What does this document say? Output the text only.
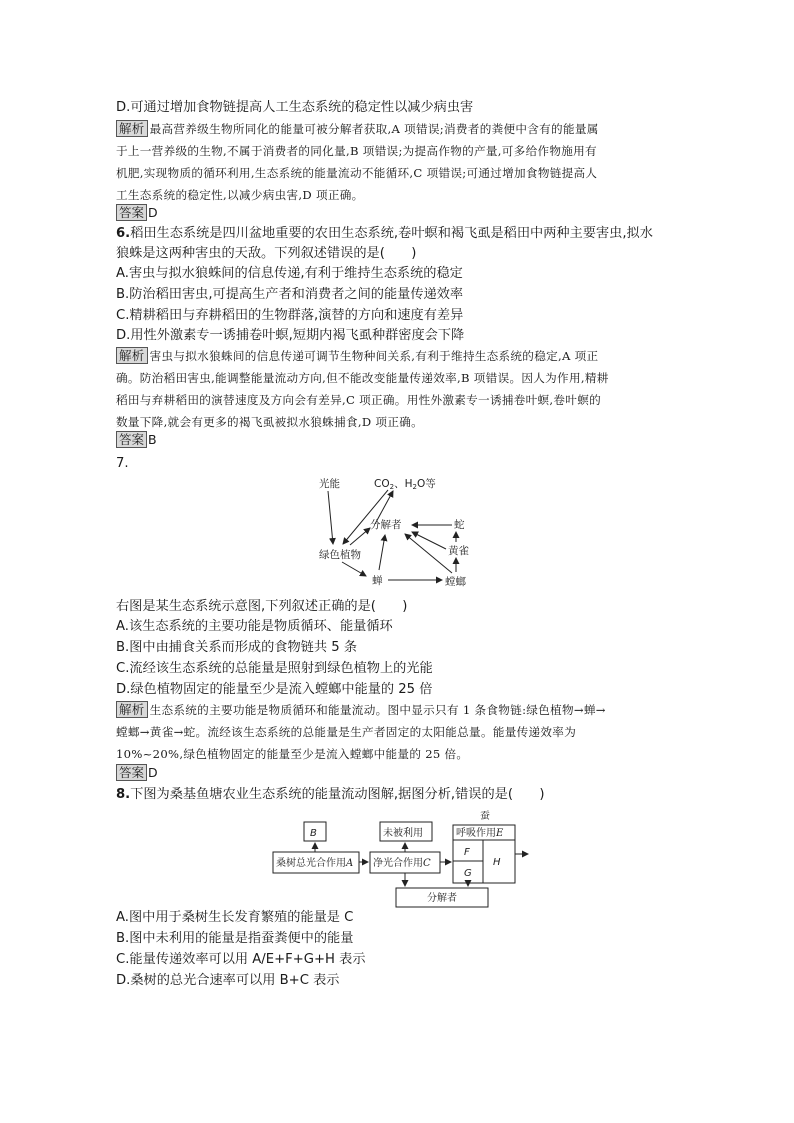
D.可通过增加食物链提高人工生态系统的稳定性以减少病虫害
解析 最高营养级生物所同化的能量可被分解者获取,A 项错误;消费者的粪便中含有的能量属
于上一营养级的生物,不属于消费者的同化量,B 项错误;为提高作物的产量,可多给作物施用有
机肥,实现物质的循环利用,生态系统的能量流动不能循环,C 项错误;可通过增加食物链提高人
工生态系统的稳定性,以减少病虫害,D 项正确。
答案 D
6.稻田生态系统是四川盆地重要的农田生态系统,卷叶螟和褐飞虱是稻田中两种主要害虫,拟水
狼蛛是这两种害虫的天敌。下列叙述错误的是(　　)
A.害虫与拟水狼蛛间的信息传递,有利于维持生态系统的稳定
B.防治稻田害虫,可提高生产者和消费者之间的能量传递效率
C.精耕稻田与弃耕稻田的生物群落,演替的方向和速度有差异
D.用性外激素专一诱捕卷叶螟,短期内褐飞虱种群密度会下降
解析 害虫与拟水狼蛛间的信息传递可调节生物种间关系,有利于维持生态系统的稳定,A 项正
确。防治稻田害虫,能调整能量流动方向,但不能改变能量传递效率,B 项错误。因人为作用,精耕
稻田与弃耕稻田的演替速度及方向会有差异,C 项正确。用性外激素专一诱捕卷叶螟,卷叶螟的
数量下降,就会有更多的褐飞虱被拟水狼蛛捕食,D 项正确。
答案 B
7.
光能	CO2、H2O等
分解者	蛇
黄雀
绿色植物
蝉	螳螂
右图是某生态系统示意图,下列叙述正确的是(　　)
A.该生态系统的主要功能是物质循环、能量循环
B.图中由捕食关系而形成的食物链共 5 条
C.流经该生态系统的总能量是照射到绿色植物上的光能
D.绿色植物固定的能量至少是流入螳螂中能量的 25 倍
解析 生态系统的主要功能是物质循环和能量流动。图中显示只有 1 条食物链:绿色植物→蝉→
螳螂→黄雀→蛇。流经该生态系统的总能量是生产者固定的太阳能总量。能量传递效率为
10%~20%,绿色植物固定的能量至少是流入螳螂中能量的 25 倍。
答案 D
8.下图为桑基鱼塘农业生态系统的能量流动图解,据图分析,错误的是(　　)
B	未被利用
蚕
呼吸作用E
桑树总光合作用A 净光合作用C
F
G
H
分解者
A.图中用于桑树生长发育繁殖的能量是 C
B.图中未利用的能量是指蚕粪便中的能量
C.能量传递效率可以用 A/E+F+G+H 表示
D.桑树的总光合速率可以用 B+C 表示
